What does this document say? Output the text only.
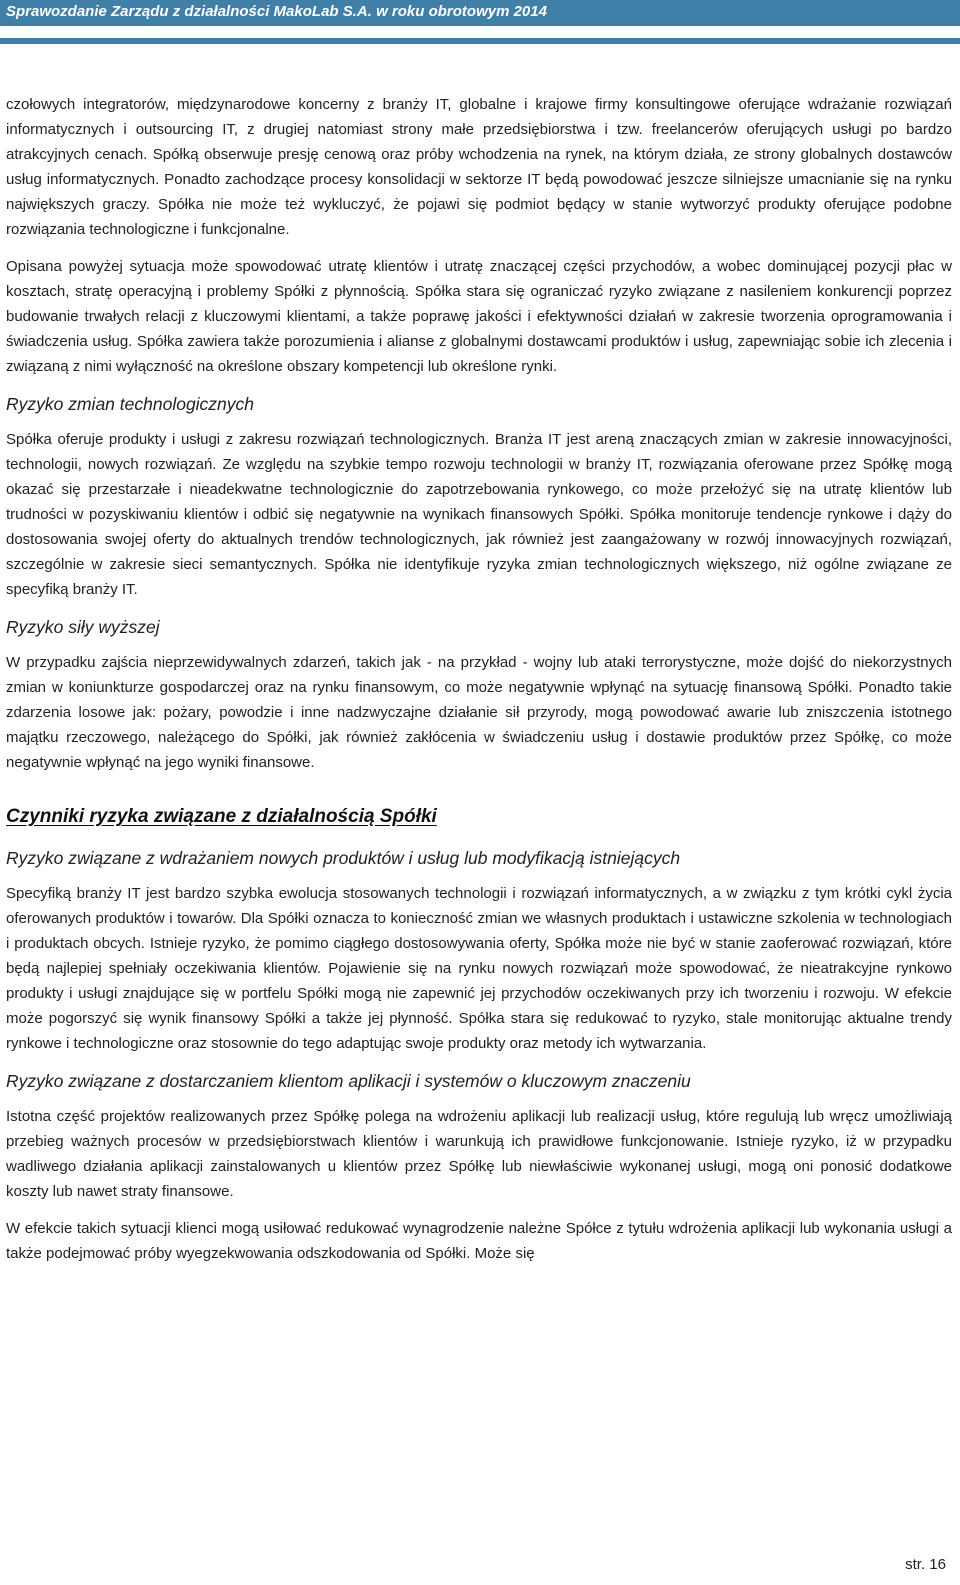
Sprawozdanie Zarządu z działalności MakoLab S.A. w roku obrotowym 2014

czołowych integratorów, międzynarodowe koncerny z branży IT, globalne i krajowe firmy konsultingowe oferujące wdrażanie rozwiązań informatycznych i outsourcing IT, z drugiej natomiast strony małe przedsiębiorstwa i tzw. freelancerów oferujących usługi po bardzo atrakcyjnych cenach. Spółką obserwuje presję cenową oraz próby wchodzenia na rynek, na którym działa, ze strony globalnych dostawców usług informatycznych. Ponadto zachodzące procesy konsolidacji w sektorze IT będą powodować jeszcze silniejsze umacnianie się na rynku największych graczy. Spółka nie może też wykluczyć, że pojawi się podmiot będący w stanie wytworzyć produkty oferujące podobne rozwiązania technologiczne i funkcjonalne.

Opisana powyżej sytuacja może spowodować utratę klientów i utratę znaczącej części przychodów, a wobec dominującej pozycji płac w kosztach, stratę operacyjną i problemy Spółki z płynnością. Spółka stara się ograniczać ryzyko związane z nasileniem konkurencji poprzez budowanie trwałych relacji z kluczowymi klientami, a także poprawę jakości i efektywności działań w zakresie tworzenia oprogramowania i świadczenia usług. Spółka zawiera także porozumienia i alianse z globalnymi dostawcami produktów i usług, zapewniając sobie ich zlecenia i związaną z nimi wyłączność na określone obszary kompetencji lub określone rynki.

Ryzyko zmian technologicznych

Spółka oferuje produkty i usługi z zakresu rozwiązań technologicznych. Branża IT jest areną znaczących zmian w zakresie innowacyjności, technologii, nowych rozwiązań. Ze względu na szybkie tempo rozwoju technologii w branży IT, rozwiązania oferowane przez Spółkę mogą okazać się przestarzałe i nieadekwatne technologicznie do zapotrzebowania rynkowego, co może przełożyć się na utratę klientów lub trudności w pozyskiwaniu klientów i odbić się negatywnie na wynikach finansowych Spółki. Spółka monitoruje tendencje rynkowe i dąży do dostosowania swojej oferty do aktualnych trendów technologicznych, jak również jest zaangażowany w rozwój innowacyjnych rozwiązań, szczególnie w zakresie sieci semantycznych. Spółka nie identyfikuje ryzyka zmian technologicznych większego, niż ogólne związane ze specyfiką branży IT.

Ryzyko siły wyższej

W przypadku zajścia nieprzewidywalnych zdarzeń, takich jak - na przykład - wojny lub ataki terrorystyczne, może dojść do niekorzystnych zmian w koniunkturze gospodarczej oraz na rynku finansowym, co może negatywnie wpłynąć na sytuację finansową Spółki. Ponadto takie zdarzenia losowe jak: pożary, powodzie i inne nadzwyczajne działanie sił przyrody, mogą powodować awarie lub zniszczenia istotnego majątku rzeczowego, należącego do Spółki, jak również zakłócenia w świadczeniu usług i dostawie produktów przez Spółkę, co może negatywnie wpłynąć na jego wyniki finansowe.

Czynniki ryzyka związane z działalnością Spółki
Ryzyko związane z wdrażaniem nowych produktów i usług lub modyfikacją istniejących

Specyfiką branży IT jest bardzo szybka ewolucja stosowanych technologii i rozwiązań informatycznych, a w związku z tym krótki cykl życia oferowanych produktów i towarów. Dla Spółki oznacza to konieczność zmian we własnych produktach i ustawiczne szkolenia w technologiach i produktach obcych. Istnieje ryzyko, że pomimo ciągłego dostosowywania oferty, Spółka może nie być w stanie zaoferować rozwiązań, które będą najlepiej spełniały oczekiwania klientów. Pojawienie się na rynku nowych rozwiązań może spowodować, że nieatrakcyjne rynkowo produkty i usługi znajdujące się w portfelu Spółki mogą nie zapewnić jej przychodów oczekiwanych przy ich tworzeniu i rozwoju. W efekcie może pogorszyć się wynik finansowy Spółki a także jej płynność. Spółka stara się redukować to ryzyko, stale monitorując aktualne trendy rynkowe i technologiczne oraz stosownie do tego adaptując swoje produkty oraz metody ich wytwarzania.

Ryzyko związane z dostarczaniem klientom aplikacji i systemów o kluczowym znaczeniu

Istotna część projektów realizowanych przez Spółkę polega na wdrożeniu aplikacji lub realizacji usług, które regulują lub wręcz umożliwiają przebieg ważnych procesów w przedsiębiorstwach klientów i warunkują ich prawidłowe funkcjonowanie. Istnieje ryzyko, iż w przypadku wadliwego działania aplikacji zainstalowanych u klientów przez Spółkę lub niewłaściwie wykonanej usługi, mogą oni ponosić dodatkowe koszty lub nawet straty finansowe.

W efekcie takich sytuacji klienci mogą usiłować redukować wynagrodzenie należne Spółce z tytułu wdrożenia aplikacji lub wykonania usługi a także podejmować próby wyegzekwowania odszkodowania od Spółki. Może się

str. 16
